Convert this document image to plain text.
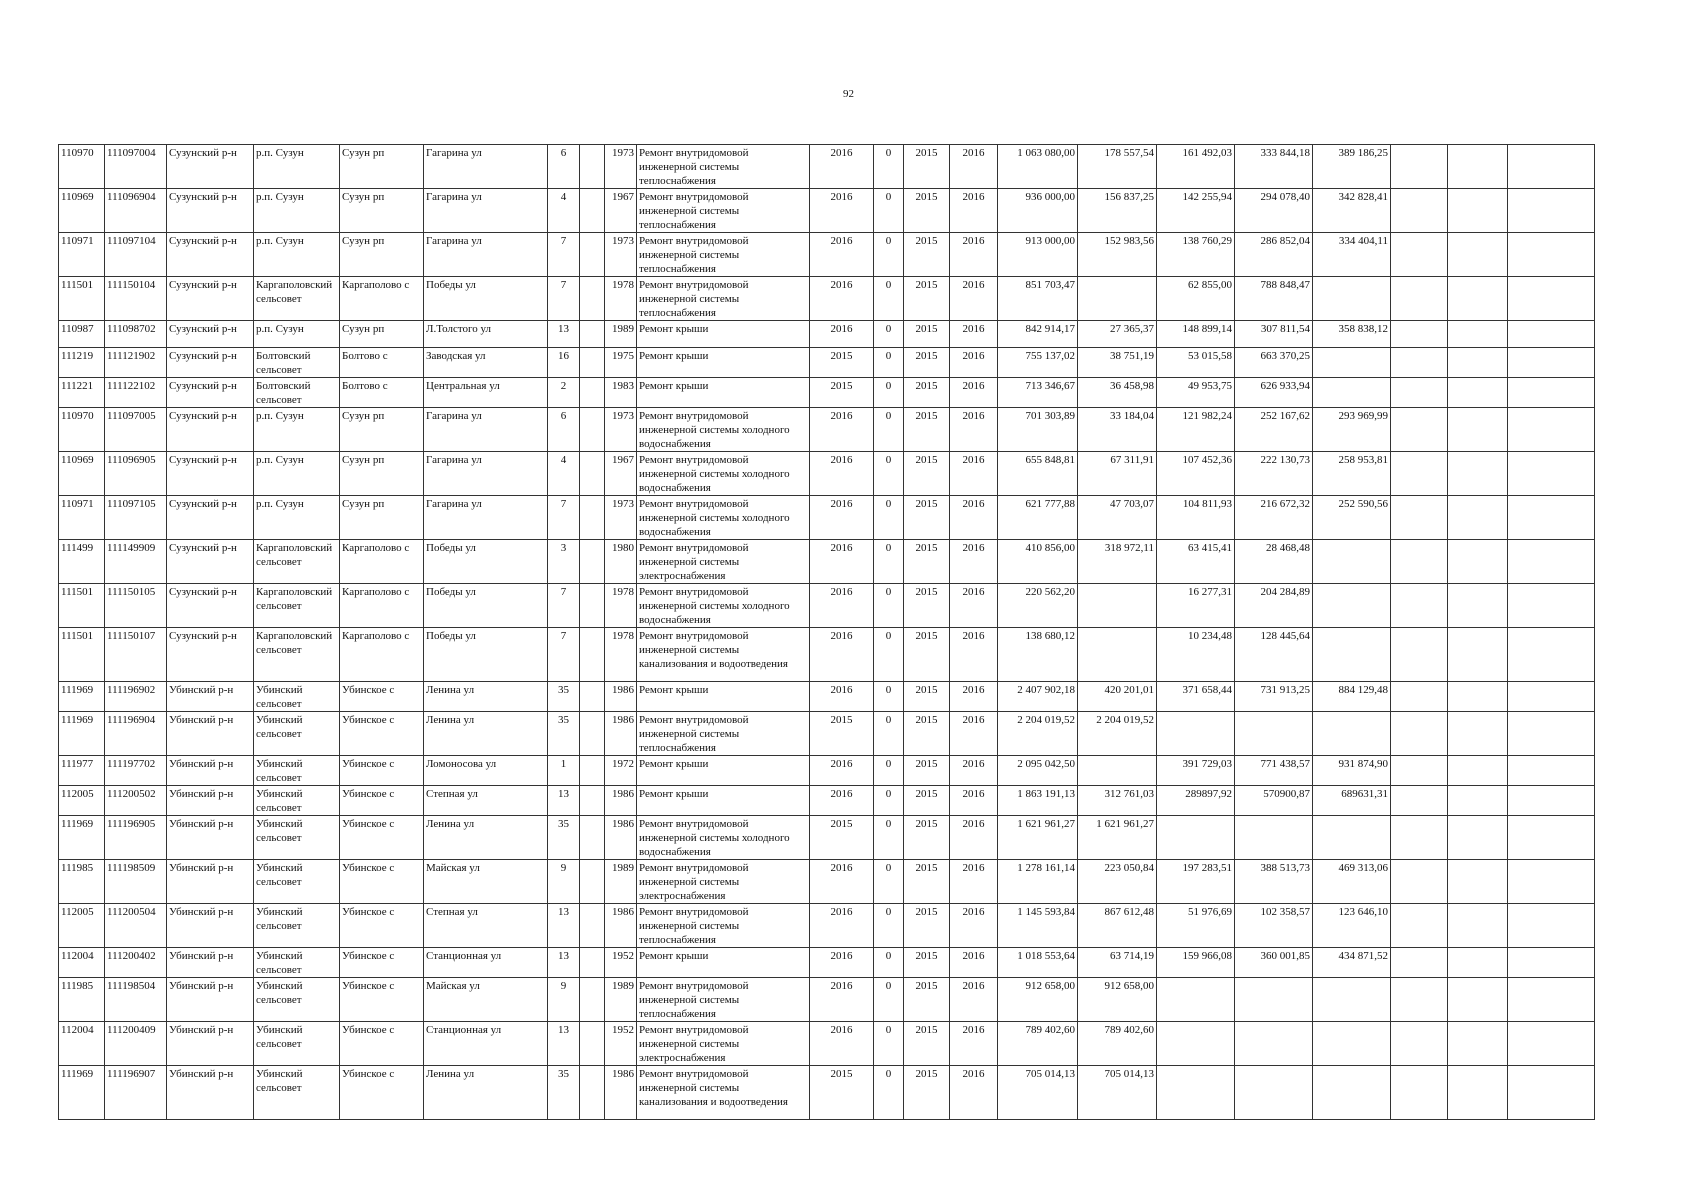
92
110970	111097004	Сузунский р-н	р.п. Сузун	Сузун рп	Гагарина ул	6		1973	Ремонт внутридомовой инженерной системы теплоснабжения	2016	0	2015	2016	1 063 080,00	178 557,54	161 492,03	333 844,18	389 186,25			
110969	111096904	Сузунский р-н	р.п. Сузун	Сузун рп	Гагарина ул	4		1967	Ремонт внутридомовой инженерной системы теплоснабжения	2016	0	2015	2016	936 000,00	156 837,25	142 255,94	294 078,40	342 828,41			
110971	111097104	Сузунский р-н	р.п. Сузун	Сузун рп	Гагарина ул	7		1973	Ремонт внутридомовой инженерной системы теплоснабжения	2016	0	2015	2016	913 000,00	152 983,56	138 760,29	286 852,04	334 404,11			
111501	111150104	Сузунский р-н	Каргаполовский сельсовет	Каргаполово с	Победы ул	7		1978	Ремонт внутридомовой инженерной системы теплоснабжения	2016	0	2015	2016	851 703,47		62 855,00	788 848,47				
110987	111098702	Сузунский р-н	р.п. Сузун	Сузун рп	Л.Толстого ул	13		1989	Ремонт крыши	2016	0	2015	2016	842 914,17	27 365,37	148 899,14	307 811,54	358 838,12			
111219	111121902	Сузунский р-н	Болтовский сельсовет	Болтово с	Заводская ул	16		1975	Ремонт крыши	2015	0	2015	2016	755 137,02	38 751,19	53 015,58	663 370,25				
111221	111122102	Сузунский р-н	Болтовский сельсовет	Болтово с	Центральная ул	2		1983	Ремонт крыши	2015	0	2015	2016	713 346,67	36 458,98	49 953,75	626 933,94				
110970	111097005	Сузунский р-н	р.п. Сузун	Сузун рп	Гагарина ул	6		1973	Ремонт внутридомовой инженерной системы холодного водоснабжения	2016	0	2015	2016	701 303,89	33 184,04	121 982,24	252 167,62	293 969,99			
110969	111096905	Сузунский р-н	р.п. Сузун	Сузун рп	Гагарина ул	4		1967	Ремонт внутридомовой инженерной системы холодного водоснабжения	2016	0	2015	2016	655 848,81	67 311,91	107 452,36	222 130,73	258 953,81			
110971	111097105	Сузунский р-н	р.п. Сузун	Сузун рп	Гагарина ул	7		1973	Ремонт внутридомовой инженерной системы холодного водоснабжения	2016	0	2015	2016	621 777,88	47 703,07	104 811,93	216 672,32	252 590,56			
111499	111149909	Сузунский р-н	Каргаполовский сельсовет	Каргаполово с	Победы ул	3		1980	Ремонт внутридомовой инженерной системы электроснабжения	2016	0	2015	2016	410 856,00	318 972,11	63 415,41	28 468,48				
111501	111150105	Сузунский р-н	Каргаполовский сельсовет	Каргаполово с	Победы ул	7		1978	Ремонт внутридомовой инженерной системы холодного водоснабжения	2016	0	2015	2016	220 562,20		16 277,31	204 284,89				
111501	111150107	Сузунский р-н	Каргаполовский сельсовет	Каргаполово с	Победы ул	7		1978	Ремонт внутридомовой инженерной системы канализования и водоотведения	2016	0	2015	2016	138 680,12		10 234,48	128 445,64				
111969	111196902	Убинский р-н	Убинский сельсовет	Убинское с	Ленина ул	35		1986	Ремонт крыши	2016	0	2015	2016	2 407 902,18	420 201,01	371 658,44	731 913,25	884 129,48			
111969	111196904	Убинский р-н	Убинский сельсовет	Убинское с	Ленина ул	35		1986	Ремонт внутридомовой инженерной системы теплоснабжения	2015	0	2015	2016	2 204 019,52	2 204 019,52						
111977	111197702	Убинский р-н	Убинский сельсовет	Убинское с	Ломоносова ул	1		1972	Ремонт крыши	2016	0	2015	2016	2 095 042,50		391 729,03	771 438,57	931 874,90			
112005	111200502	Убинский р-н	Убинский сельсовет	Убинское с	Степная ул	13		1986	Ремонт крыши	2016	0	2015	2016	1 863 191,13	312 761,03	289897,92	570900,87	689631,31			
111969	111196905	Убинский р-н	Убинский сельсовет	Убинское с	Ленина ул	35		1986	Ремонт внутридомовой инженерной системы холодного водоснабжения	2015	0	2015	2016	1 621 961,27	1 621 961,27						
111985	111198509	Убинский р-н	Убинский сельсовет	Убинское с	Майская ул	9		1989	Ремонт внутридомовой инженерной системы электроснабжения	2016	0	2015	2016	1 278 161,14	223 050,84	197 283,51	388 513,73	469 313,06			
112005	111200504	Убинский р-н	Убинский сельсовет	Убинское с	Степная ул	13		1986	Ремонт внутридомовой инженерной системы теплоснабжения	2016	0	2015	2016	1 145 593,84	867 612,48	51 976,69	102 358,57	123 646,10			
112004	111200402	Убинский р-н	Убинский сельсовет	Убинское с	Станционная ул	13		1952	Ремонт крыши	2016	0	2015	2016	1 018 553,64	63 714,19	159 966,08	360 001,85	434 871,52			
111985	111198504	Убинский р-н	Убинский сельсовет	Убинское с	Майская ул	9		1989	Ремонт внутридомовой инженерной системы теплоснабжения	2016	0	2015	2016	912 658,00	912 658,00						
112004	111200409	Убинский р-н	Убинский сельсовет	Убинское с	Станционная ул	13		1952	Ремонт внутридомовой инженерной системы электроснабжения	2016	0	2015	2016	789 402,60	789 402,60						
111969	111196907	Убинский р-н	Убинский сельсовет	Убинское с	Ленина ул	35		1986	Ремонт внутридомовой инженерной системы канализования и водоотведения	2015	0	2015	2016	705 014,13	705 014,13						
